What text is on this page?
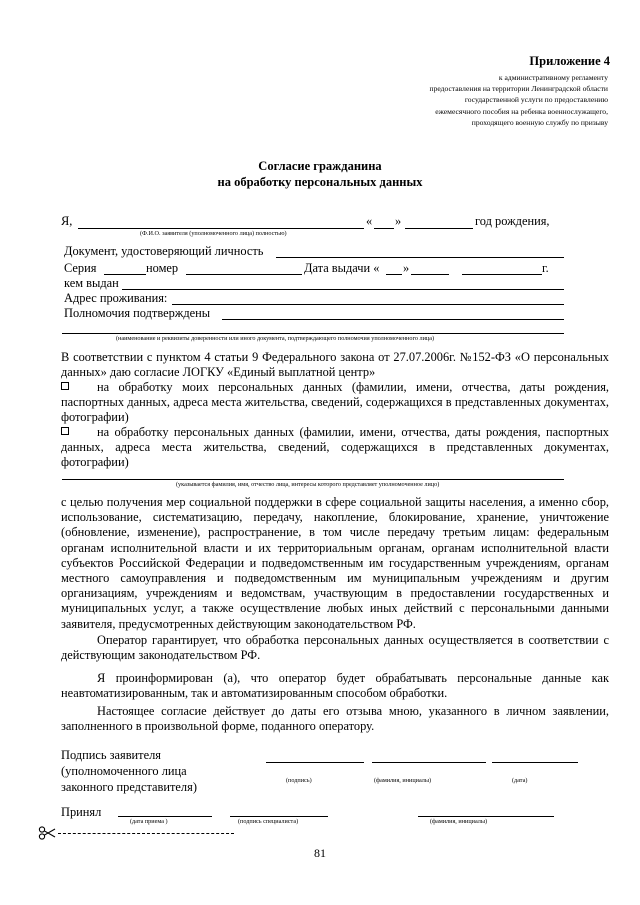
Приложение 4
к административному регламенту
предоставления на территории Ленинградской области
государственной услуги по предоставлению
ежемесячного пособия на ребенка военнослужащего,
проходящего военную службу по призыву
Согласие гражданина
на обработку персональных данных
Я,	« »	год рождения,
(Ф.И.О. заявителя (уполномоченного лица) полностью)
Документ, удостоверяющий личность
Серия	номер	Дата выдачи « »	г.
кем выдан
Адрес проживания:
Полномочия подтверждены
(наименование и реквизиты доверенности или иного документа, подтверждающего полномочия уполномоченного лица)
В соответствии с пунктом 4 статьи 9 Федерального закона от 27.07.2006г. №152-ФЗ «О персональных данных» даю согласие ЛОГКУ «Единый выплатной центр»
на обработку моих персональных данных (фамилии, имени, отчества, даты рождения, паспортных данных, адреса места жительства, сведений, содержащихся в представленных документах, фотографии)
на обработку персональных данных (фамилии, имени, отчества, даты рождения, паспортных данных, адреса места жительства, сведений, содержащихся в представленных документах, фотографии)
(указывается фамилия, имя, отчество лица, интересы которого представляет уполномоченное лицо)
с целью получения мер социальной поддержки в сфере социальной защиты населения, а именно сбор, использование, систематизацию, передачу, накопление, блокирование, хранение, уничтожение (обновление, изменение), распространение, в том числе передачу третьим лицам: федеральным органам исполнительной власти и их территориальным органам, органам исполнительной власти субъектов Российской Федерации и подведомственным им государственным учреждениям, органам местного самоуправления и подведомственным им муниципальным учреждениям и другим организациям, учреждениям и ведомствам, участвующим в предоставлении государственных и муниципальных услуг, а также осуществление любых иных действий с персональными данными заявителя, предусмотренных действующим законодательством РФ.
Оператор гарантирует, что обработка персональных данных осуществляется в соответствии с действующим законодательством РФ.
Я проинформирован (а), что оператор будет обрабатывать персональные данные как неавтоматизированным, так и автоматизированным способом обработки.
Настоящее согласие действует до даты его отзыва мною, указанного в личном заявлении, заполненного в произвольной форме, поданного оператору.
Подпись заявителя
(уполномоченного лица
законного представителя)	(подпись)	(фамилия, инициалы)	(дата)
Принял
(дата приема )	(подпись специалиста)	(фамилия, инициалы)
81
